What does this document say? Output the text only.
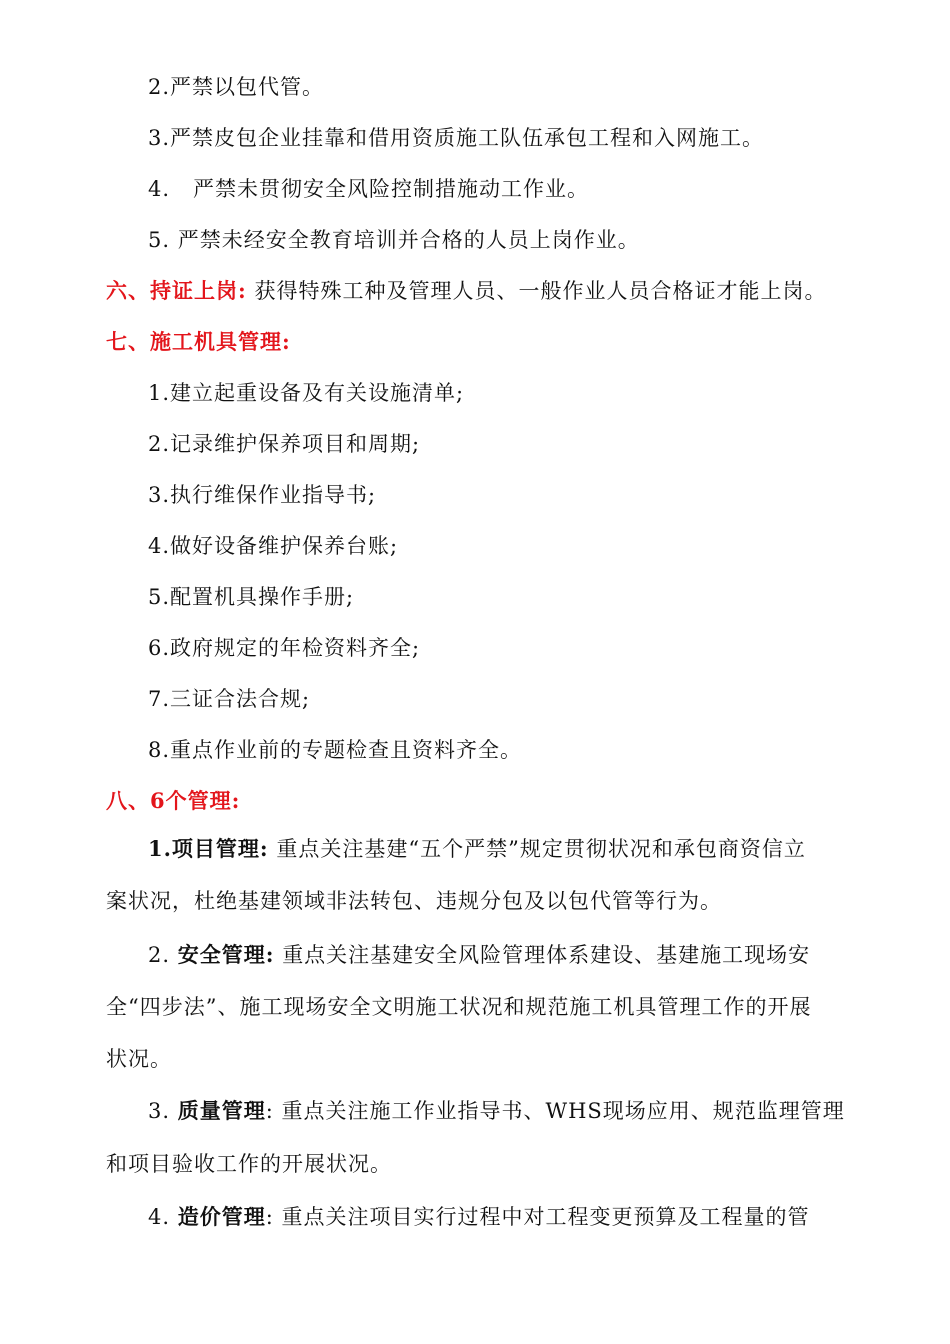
2.严禁以包代管。
3.严禁皮包企业挂靠和借用资质施工队伍承包工程和入网施工。
4.   严禁未贯彻安全风险控制措施动工作业。
5. 严禁未经安全教育培训并合格的人员上岗作业。
六、持证上岗: 获得特殊工种及管理人员、一般作业人员合格证才能上岗。
七、施工机具管理:
1.建立起重设备及有关设施清单;
2.记录维护保养项目和周期;
3.执行维保作业指导书;
4.做好设备维护保养台账;
5.配置机具操作手册;
6.政府规定的年检资料齐全;
7.三证合法合规;
8.重点作业前的专题检查且资料齐全。
八、6个管理:
1.项目管理: 重点关注基建“五个严禁”规定贯彻状况和承包商资信立
案状况，杜绝基建领域非法转包、违规分包及以包代管等行为。
2. 安全管理: 重点关注基建安全风险管理体系建设、基建施工现场安
全“四步法”、施工现场安全文明施工状况和规范施工机具管理工作的开展
状况。
3. 质量管理: 重点关注施工作业指导书、WHS现场应用、规范监理管理
和项目验收工作的开展状况。
4. 造价管理: 重点关注项目实行过程中对工程变更预算及工程量的管
